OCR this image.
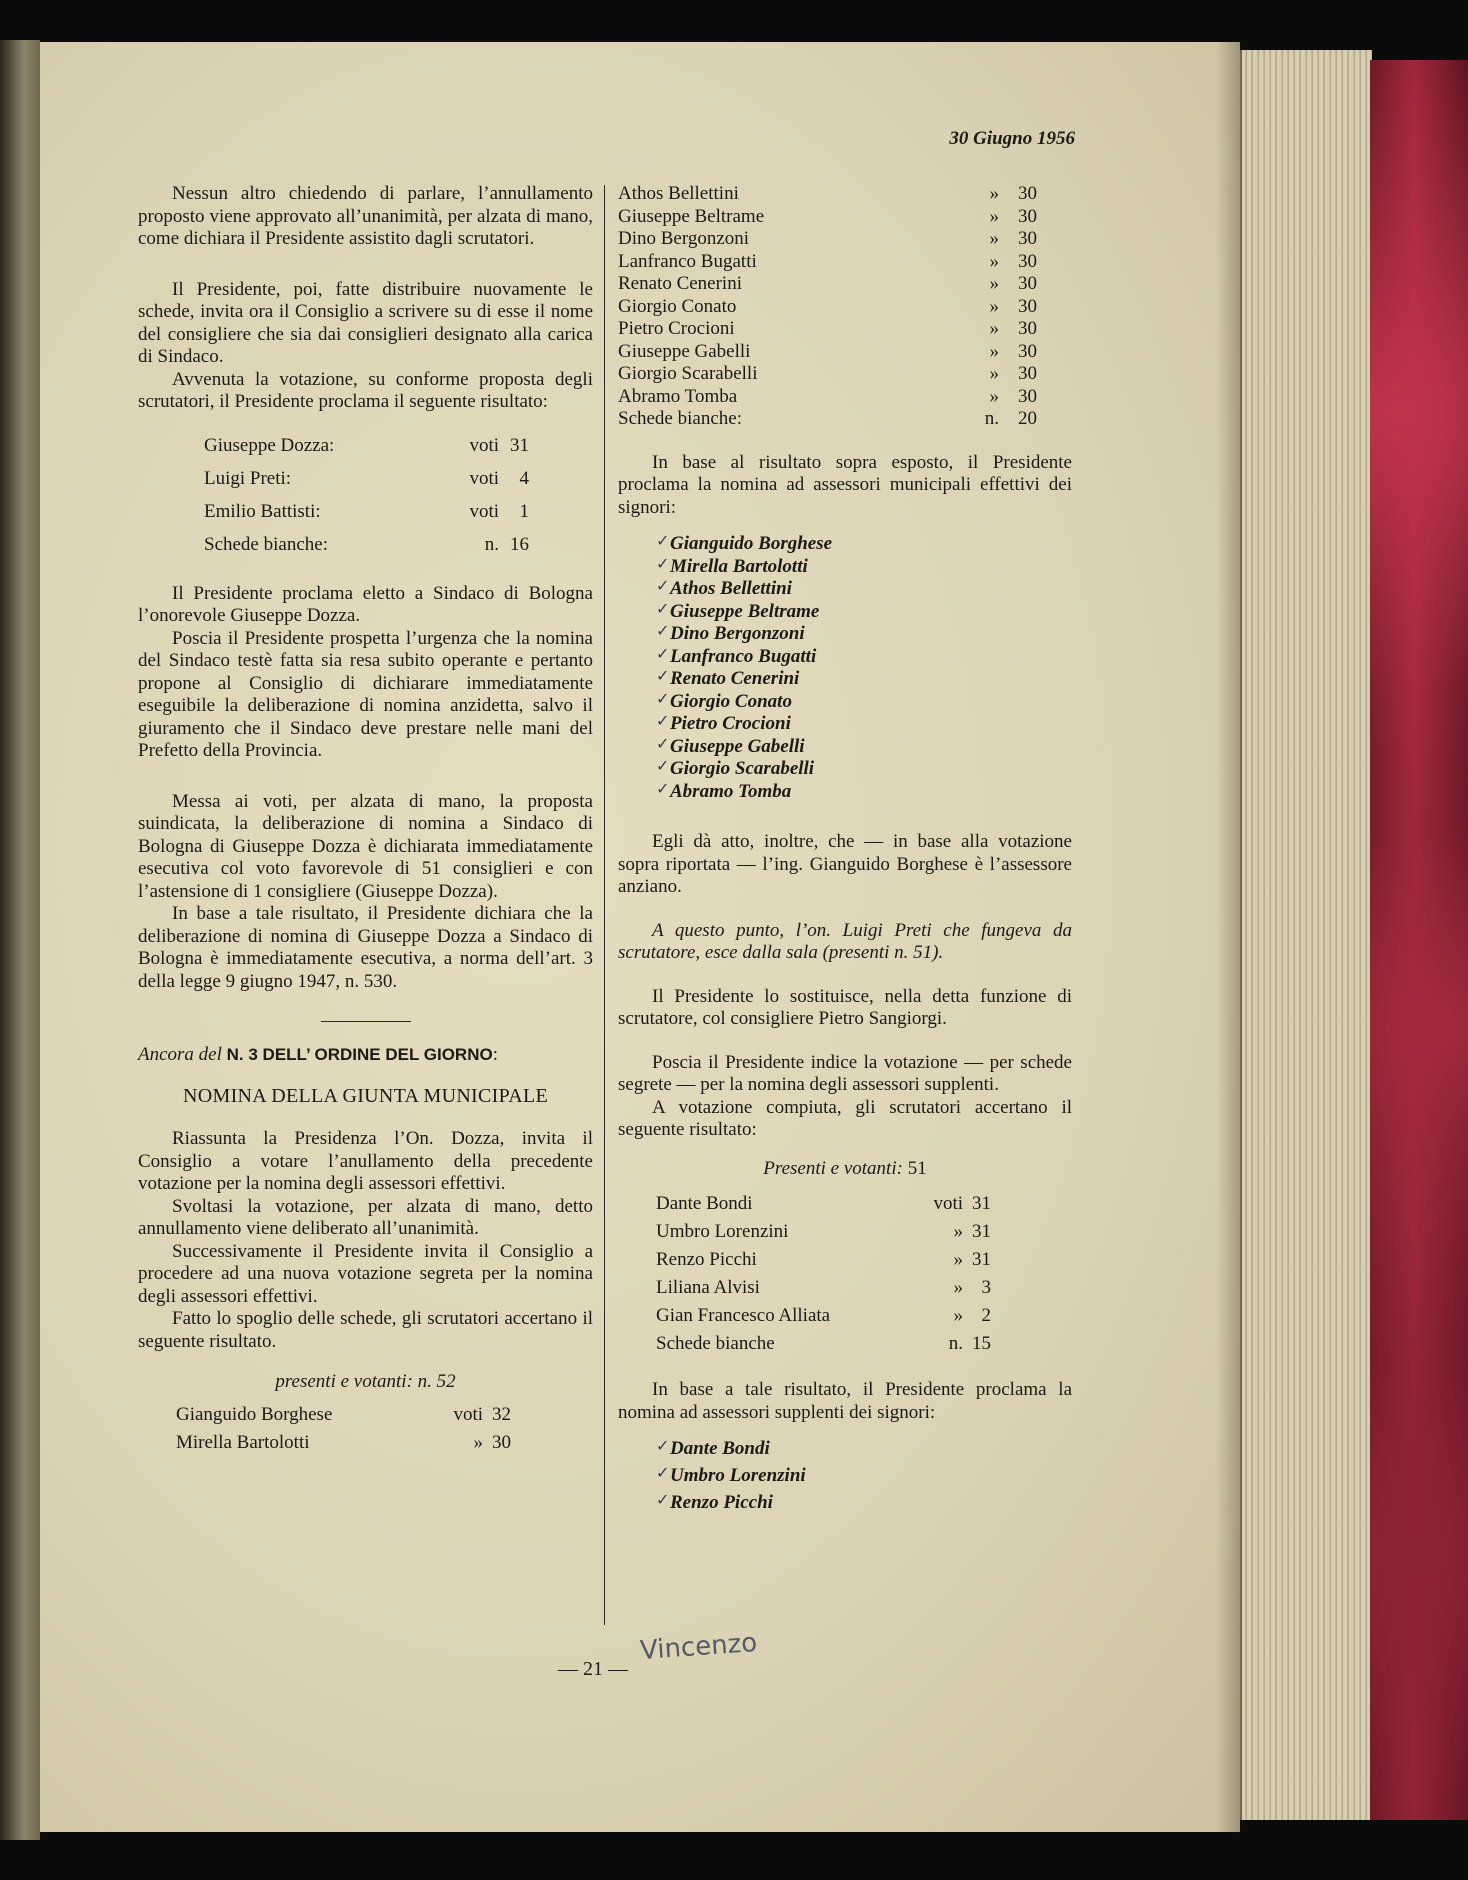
30 Giugno 1956

Nessun altro chiedendo di parlare, l’annullamento proposto viene approvato all’unanimità, per alzata di mano, come dichiara il Presidente assistito dagli scrutatori.

Il Presidente, poi, fatte distribuire nuovamente le schede, invita ora il Consiglio a scrivere su di esse il nome del consigliere che sia dai consiglieri designato alla carica di Sindaco.

Avvenuta la votazione, su conforme proposta degli scrutatori, il Presidente proclama il seguente risultato:

Giuseppe Dozza:	voti	31
Luigi Preti:	voti	4
Emilio Battisti:	voti	1
Schede bianche:	n.	16

Il Presidente proclama eletto a Sindaco di Bologna l’onorevole Giuseppe Dozza.

Poscia il Presidente prospetta l’urgenza che la nomina del Sindaco testè fatta sia resa subito operante e pertanto propone al Consiglio di dichiarare immediatamente eseguibile la deliberazione di nomina anzidetta, salvo il giuramento che il Sindaco deve prestare nelle mani del Prefetto della Provincia.

Messa ai voti, per alzata di mano, la proposta suindicata, la deliberazione di nomina a Sindaco di Bologna di Giuseppe Dozza è dichiarata immediatamente esecutiva col voto favorevole di 51 consiglieri e con l’astensione di 1 consigliere (Giuseppe Dozza).

In base a tale risultato, il Presidente dichiara che la deliberazione di nomina di Giuseppe Dozza a Sindaco di Bologna è immediatamente esecutiva, a norma dell’art. 3 della legge 9 giugno 1947, n. 530.

Ancora del N. 3 DELL’ ORDINE DEL GIORNO:

NOMINA DELLA GIUNTA MUNICIPALE

Riassunta la Presidenza l’On. Dozza, invita il Consiglio a votare l’anullamento della precedente votazione per la nomina degli assessori effettivi.

Svoltasi la votazione, per alzata di mano, detto annullamento viene deliberato all’unanimità.

Successivamente il Presidente invita il Consiglio a procedere ad una nuova votazione segreta per la nomina degli assessori effettivi.

Fatto lo spoglio delle schede, gli scrutatori accertano il seguente risultato.

presenti e votanti: n. 52

Gianguido Borghese	voti	32
Mirella Bartolotti	»	30
Athos Bellettini	»	30
Giuseppe Beltrame	»	30
Dino Bergonzoni	»	30
Lanfranco Bugatti	»	30
Renato Cenerini	»	30
Giorgio Conato	»	30
Pietro Crocioni	»	30
Giuseppe Gabelli	»	30
Giorgio Scarabelli	»	30
Abramo Tomba	»	30
Schede bianche:	n.	20

In base al risultato sopra esposto, il Presidente proclama la nomina ad assessori municipali effettivi dei signori:

✓ Gianguido Borghese
✓ Mirella Bartolotti
✓ Athos Bellettini
✓ Giuseppe Beltrame
✓ Dino Bergonzoni
✓ Lanfranco Bugatti
✓ Renato Cenerini
✓ Giorgio Conato
✓ Pietro Crocioni
✓ Giuseppe Gabelli
✓ Giorgio Scarabelli
✓ Abramo Tomba

Egli dà atto, inoltre, che — in base alla votazione sopra riportata — l’ing. Gianguido Borghese è l’assessore anziano.

A questo punto, l’on. Luigi Preti che fungeva da scrutatore, esce dalla sala (presenti n. 51).

Il Presidente lo sostituisce, nella detta funzione di scrutatore, col consigliere Pietro Sangiorgi.

Poscia il Presidente indice la votazione — per schede segrete — per la nomina degli assessori supplenti.

A votazione compiuta, gli scrutatori accertano il seguente risultato:

Presenti e votanti: 51

Dante Bondi	voti	31
Umbro Lorenzini	»	31
Renzo Picchi	»	31
Liliana Alvisi	»	3
Gian Francesco Alliata	»	2
Schede bianche	n.	15

In base a tale risultato, il Presidente proclama la nomina ad assessori supplenti dei signori:

✓ Dante Bondi
✓ Umbro Lorenzini
✓ Renzo Picchi
— 21 —
Vincenzo
